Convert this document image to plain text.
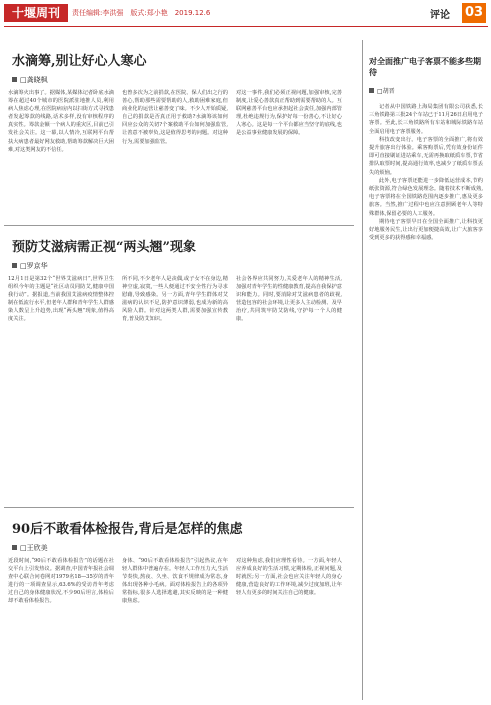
十堰周刊	责任编辑:李洪强　版式:郑小艳　2019.12.6	评论 03
水滴筹,别让好心人寒心
□龚晓枫
水滴筹火出事了。据媒体,某媒体记者卧底水滴筹在超过40个城市的医院派驻地推人员,利用病人焦虑心理,在医院病房内以扫街方式寻找患者发起筹款的线路,话术多样,没有审核程序的真实性。筹款金额一个病人的重灾区,目前已引发社会关注。这一幕,以人情冷,互联网平台帮扶大病患者最好网友救助,帮助筹款解决巨大困难,对这类网友的不信任。
也曾多次为之前捐款,在医院、保人们出之行的善心,帮助那些需要帮助的人,救助困难家庭,但商业化的运营让慈善变了味。不少人开始质疑,自己的捐款是否真正用于救助?水滴筹该如何回应公众的关切?个案救助平台如何加强监管,让善意不被辜负,这是值得思考的问题。对这种行为,需要加强监管。
对这一事件,我们必须正视问题,加强审核,完善制度,让爱心善款真正帮助到需要帮助的人。互联网慈善平台也应承担起社会责任,加强内部管理,杜绝违规行为,保护好每一份善心,不让好心人寒心。这是每一个平台都应当坚守的底线,也是公益事业健康发展的保障。
预防艾滋病需正视“两头翘”现象
□罗京华
12月1日是第32个“世界艾滋病日”,世界卫生组织今年的主题是“社区动员同防艾,健康中国我行动”。据报道,当前我国艾滋病疫情整体控制在低流行水平,但老年人群和青年学生人群感染人数呈上升趋势,出现“两头翘”现象,值得高度关注。
所不同,不少老年人是丧偶,或子女不在身边,精神空虚,寂寞,一些人便通过不安全性行为寻求慰藉,导致感染。另一方面,青年学生群体对艾滋病的认识不足,防护意识薄弱,也成为新的高风险人群。针对这两类人群,需要加强宣传教育,普及防艾知识。
社会各界应共同努力,关爱老年人的精神生活,加强对青年学生的性健康教育,提高自我保护意识和能力。同时,要消除对艾滋病患者的歧视,营造包容的社会环境,让更多人主动检测、及早治疗,共同筑牢防艾防线,守护每一个人的健康。
90后不敢看体检报告,背后是怎样的焦虑
□王欣美
近段时间,“90后不敢看体检报告”的话题在社交平台上引发热议。据调查,中国青年报社会调查中心联合问卷网对1979名18—35岁的青年进行的一项调查显示,63.6%的受访青年考虑过自己的身体健康状况,不少90后坦言,体检后却不敢看体检报告。
身体、“90后不敢看体检报告”引起热议,在年轻人群体中普遍存在。年轻人工作压力大,生活节奏快,熬夜、久坐、饮食不规律成为常态,身体出现各种小毛病。面对体检报告上的各项异常指标,很多人选择逃避,其实反映的是一种健康焦虑。
对这种焦虑,我们应理性看待。一方面,年轻人应养成良好的生活习惯,定期体检,正视问题,及时就医;另一方面,社会也应关注年轻人的身心健康,营造良好的工作环境,减少过度加班,让年轻人有更多的时间关注自己的健康。
对全面推广电子客票不能多些期待
□胡晋

记者从中国铁路上海局集团有限公司获悉,长三角铁路第三批24个车站已于11月26日启用电子客票。至此,长三角铁路所有车站和城际铁路车站全面启用电子客票服务。

科技改变出行。电子客票的全面推广,将有效提升旅客出行体验。乘客购票后,凭有效身份证件即可直接刷证进站乘车,无需再换取纸质车票,节省排队取票时间,提高通行效率,也减少了纸质车票丢失的烦恼。

此外,电子客票还能进一步降低运营成本,节约纸张资源,符合绿色发展理念。随着技术不断成熟,电子客票将在全国铁路范围内逐步推广,惠及更多旅客。当然,推广过程中也应注意照顾老年人等特殊群体,保留必要的人工服务。

期待电子客票早日在全国全面推广,让科技更好地服务民生,让出行更加便捷高效,让广大旅客享受到更多的获得感和幸福感。
